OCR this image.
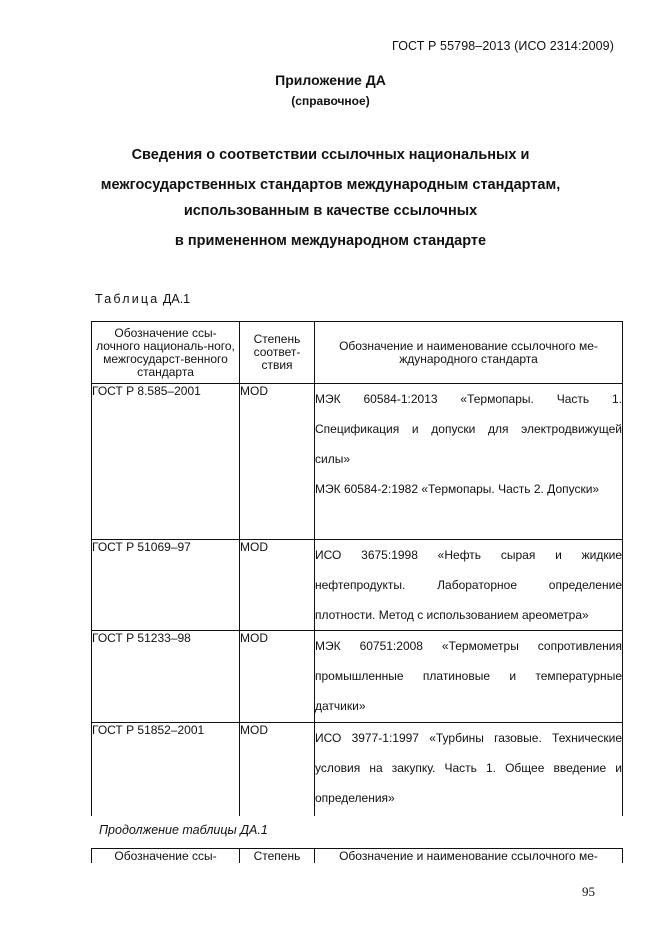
ГОСТ Р 55798–2013 (ИСО 2314:2009)
Приложение ДА
(справочное)
Сведения о соответствии ссылочных национальных и
межгосударственных стандартов международным стандартам,
использованным в качестве ссылочных
в примененном международном стандарте
Таблица ДА.1
Обозначение ссы-лочного националь-ного, межгосударст-венного стандарта	Степень соответ-ствия	Обозначение и наименование ссылочного ме-ждународного стандарта

ГОСТ Р 8.585–2001	MOD	МЭК 60584-1:2013 «Термопары. Часть 1. Спецификация и допуски для электродвижущей силы»

МЭК 60584-2:1982 «Термопары. Часть 2. Допуски»

ГОСТ Р 51069–97	MOD	ИСО 3675:1998 «Нефть сырая и жидкие нефтепродукты. Лабораторное определение плотности. Метод с использованием ареометра»

ГОСТ Р 51233–98	MOD	МЭК 60751:2008 «Термометры сопротивления промышленные платиновые и температурные датчики»

ГОСТ Р 51852–2001	MOD	ИСО 3977-1:1997 «Турбины газовые. Технические условия на закупку. Часть 1. Общее введение и определения»

Продолжение таблицы ДА.1
Обозначение ссы-	Степень	Обозначение и наименование ссылочного ме-
95
